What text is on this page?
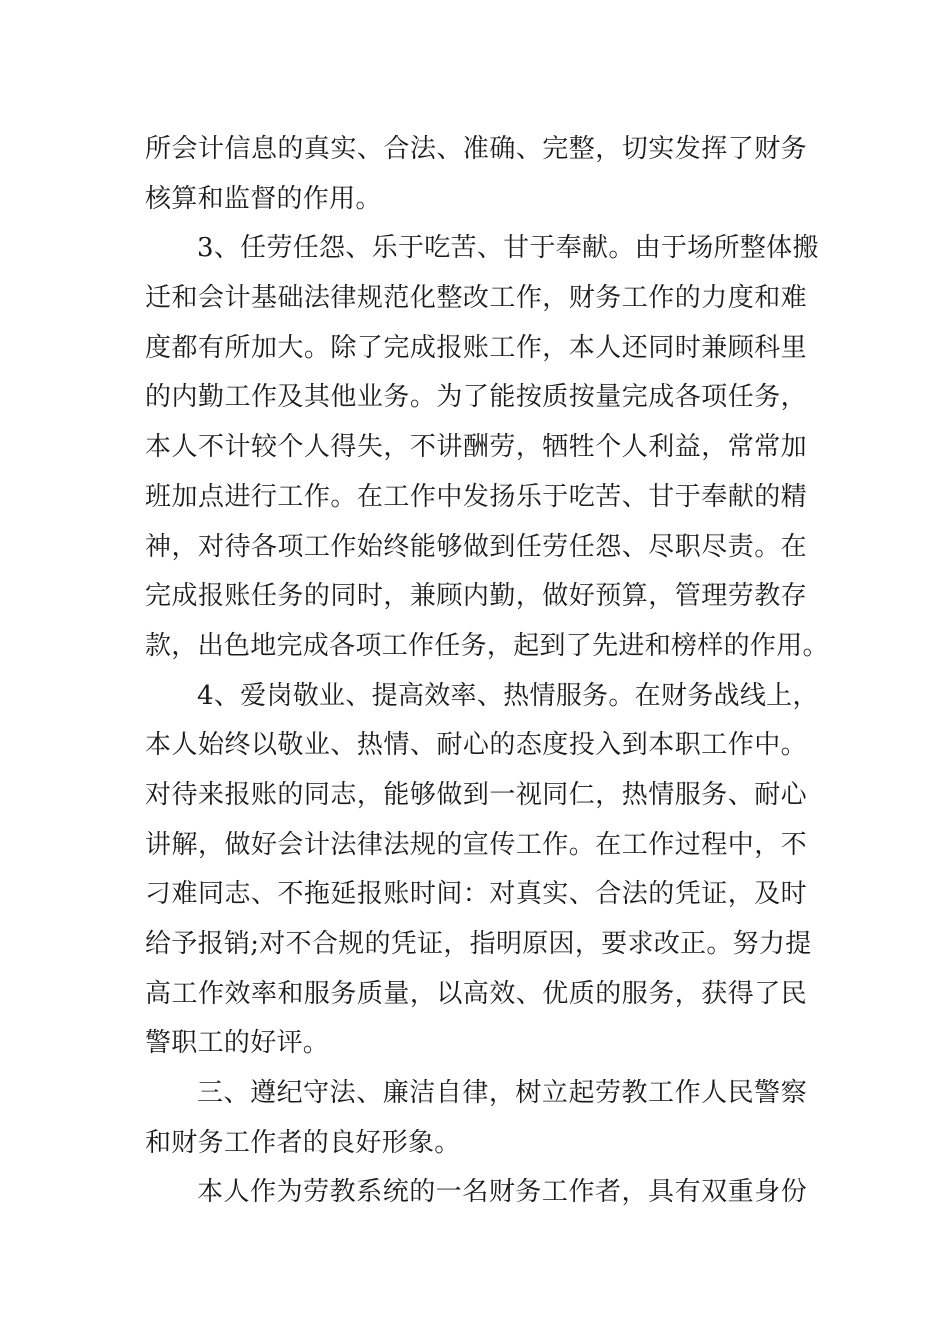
所会计信息的真实、合法、准确、完整，切实发挥了财务
核算和监督的作用。
3、任劳任怨、乐于吃苦、甘于奉献。由于场所整体搬
迁和会计基础法律规范化整改工作，财务工作的力度和难
度都有所加大。除了完成报账工作，本人还同时兼顾科里
的内勤工作及其他业务。为了能按质按量完成各项任务，
本人不计较个人得失，不讲酬劳，牺牲个人利益，常常加
班加点进行工作。在工作中发扬乐于吃苦、甘于奉献的精
神，对待各项工作始终能够做到任劳任怨、尽职尽责。在
完成报账任务的同时，兼顾内勤，做好预算，管理劳教存
款，出色地完成各项工作任务，起到了先进和榜样的作用。
4、爱岗敬业、提高效率、热情服务。在财务战线上，
本人始终以敬业、热情、耐心的态度投入到本职工作中。
对待来报账的同志，能够做到一视同仁，热情服务、耐心
讲解，做好会计法律法规的宣传工作。在工作过程中，不
刁难同志、不拖延报账时间：对真实、合法的凭证，及时
给予报销;对不合规的凭证，指明原因，要求改正。努力提
高工作效率和服务质量，以高效、优质的服务，获得了民
警职工的好评。
三、遵纪守法、廉洁自律，树立起劳教工作人民警察
和财务工作者的良好形象。
本人作为劳教系统的一名财务工作者，具有双重身份
